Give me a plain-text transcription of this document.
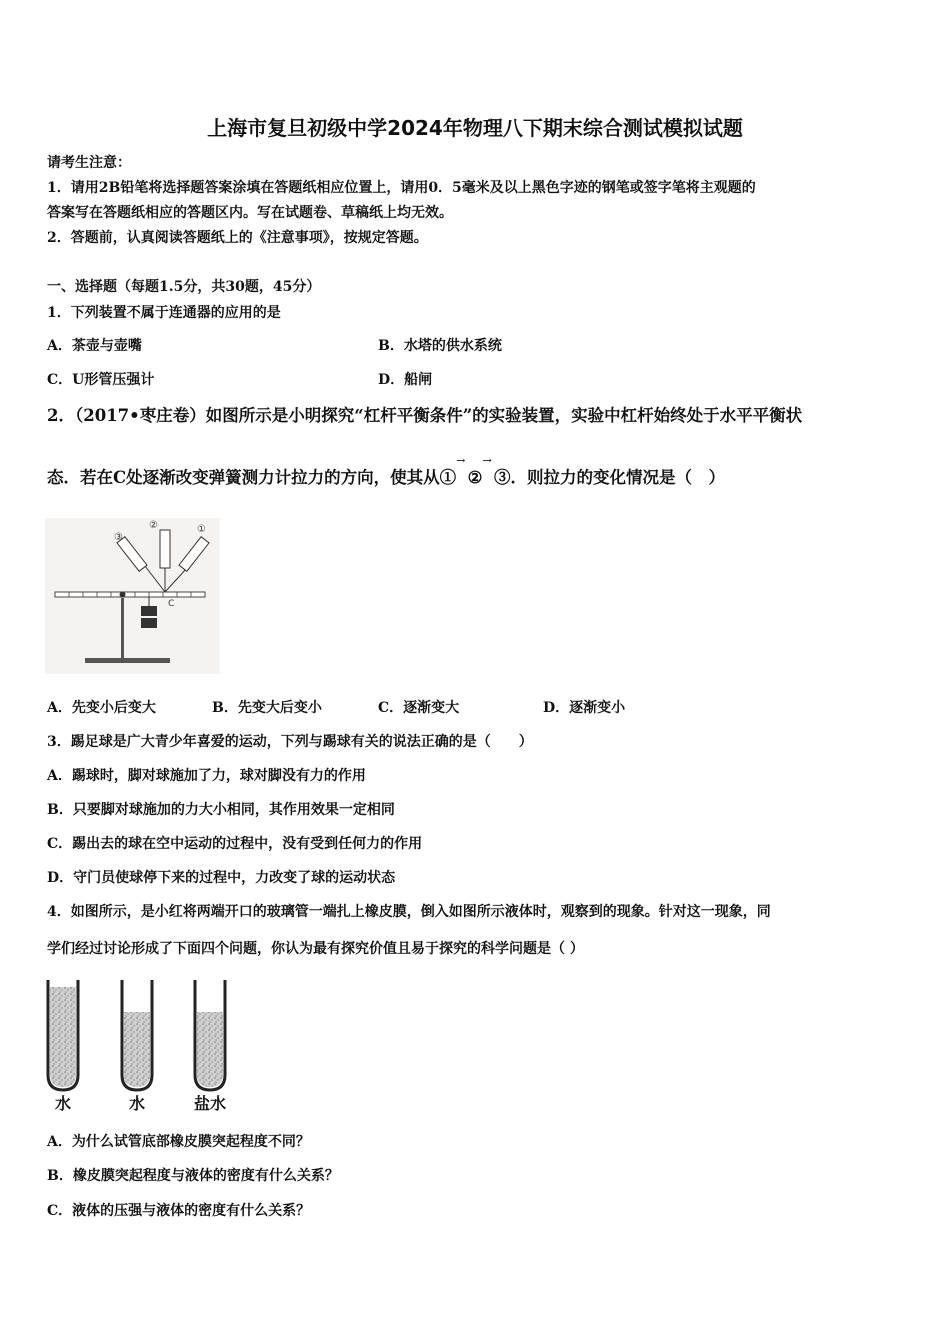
上海市复旦初级中学2024年物理八下期末综合测试模拟试题
请考生注意：
1．请用2B铅笔将选择题答案涂填在答题纸相应位置上，请用0．5毫米及以上黑色字迹的钢笔或签字笔将主观题的
答案写在答题纸相应的答题区内。写在试题卷、草稿纸上均无效。
2．答题前，认真阅读答题纸上的《注意事项》，按规定答题。
一、选择题（每题1.5分，共30题，45分）
1．下列装置不属于连通器的应用的是
A．茶壶与壶嘴	B．水塔的供水系统
C．U形管压强计	D．船闸
2．（2017•枣庄卷）如图所示是小明探究“杠杆平衡条件”的实验装置，实验中杠杆始终处于水平平衡状
态．若在C处逐渐改变弹簧测力计拉力的方向，使其从①
→
②
→
③．则拉力的变化情况是（　）
③
②	①
C
A．先变小后变大	B．先变大后变小	C．逐渐变大	D．逐渐变小
3．踢足球是广大青少年喜爱的运动，下列与踢球有关的说法正确的是（　　）
A．踢球时，脚对球施加了力，球对脚没有力的作用
B．只要脚对球施加的力大小相同，其作用效果一定相同
C．踢出去的球在空中运动的过程中，没有受到任何力的作用
D．守门员使球停下来的过程中，力改变了球的运动状态
4．如图所示，是小红将两端开口的玻璃管一端扎上橡皮膜，倒入如图所示液体时，观察到的现象。针对这一现象，同
学们经过讨论形成了下面四个问题，你认为最有探究价值且易于探究的科学问题是（ ）
水	水	盐水
A．为什么试管底部橡皮膜突起程度不同？
B．橡皮膜突起程度与液体的密度有什么关系？
C．液体的压强与液体的密度有什么关系？
